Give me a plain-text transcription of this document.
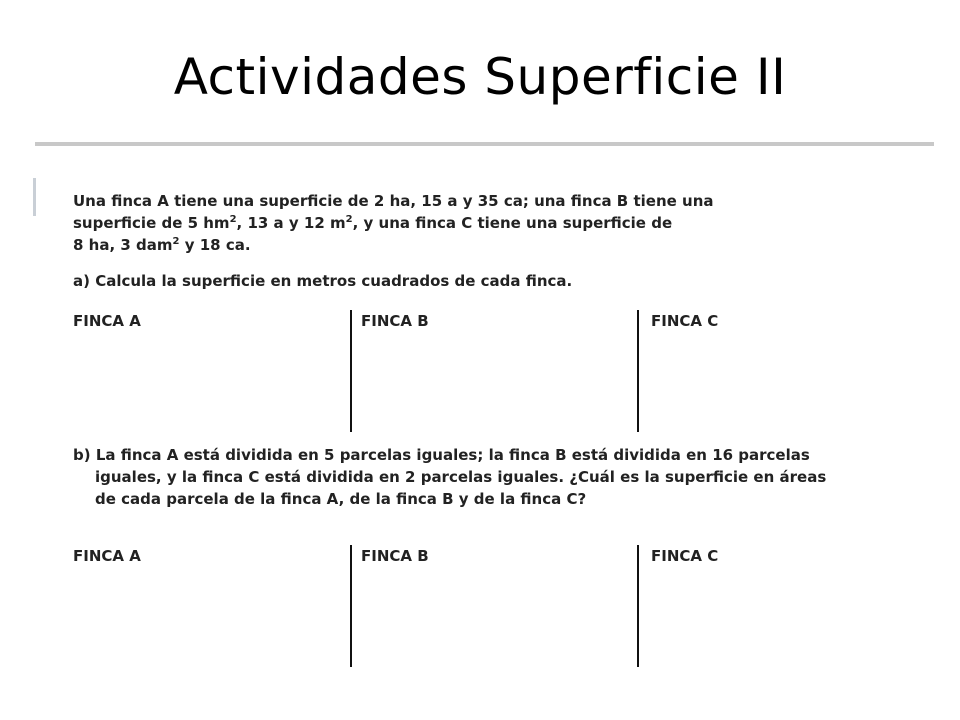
Actividades Superficie II
Una finca A tiene una superficie de 2 ha, 15 a y 35 ca; una finca B tiene una
superficie de 5 $hm^2$, 13 a y 12 $m^2$, y una finca C tiene una superficie de
8 ha, 3 dam$^2$ y 18 ca.
a) Calcula la superficie en metros cuadrados de cada finca.
FINCA A	FINCA B	FINCA C
b) La finca A está dividida en 5 parcelas iguales; la finca B está dividida en 16 parcelas iguales, y la finca C está dividida en 2 parcelas iguales. ¿Cuál es la superficie en áreas de cada parcela de la finca A, de la finca B y de la finca C?
FINCA A	FINCA B	FINCA C
